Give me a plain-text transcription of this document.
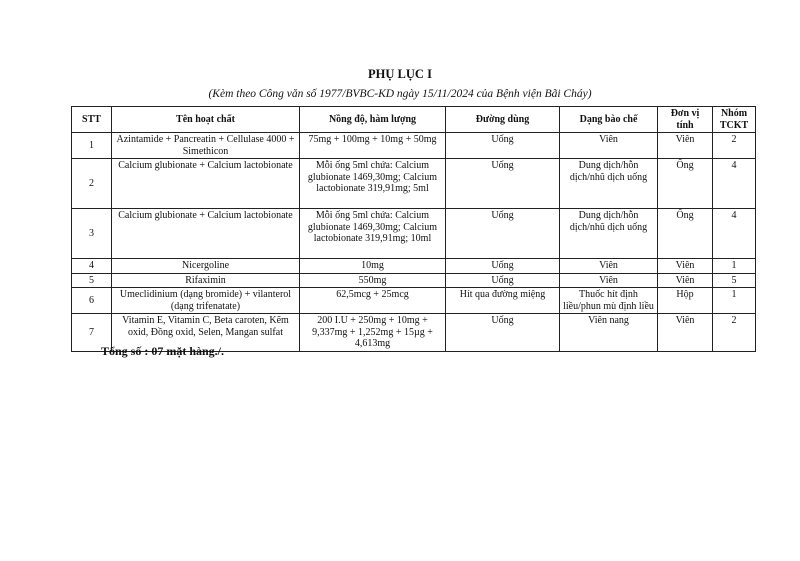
PHỤ LỤC I
(Kèm theo Công văn số 1977/BVBC-KD ngày 15/11/2024 của Bệnh viện Bãi Cháy)
STT	Tên hoạt chất	Nồng độ, hàm lượng	Đường dùng	Dạng bào chế	Đơn vị tính	Nhóm TCKT
1	Azintamide + Pancreatin + Cellulase 4000 + Simethicon	75mg + 100mg + 10mg + 50mg	Uống	Viên	Viên	2
2	Calcium glubionate + Calcium lactobionate	Mỗi ống 5ml chứa: Calcium glubionate 1469,30mg; Calcium lactobionate 319,91mg; 5ml	Uống	Dung dịch/hỗn dịch/nhũ dịch uống	Ống	4
3	Calcium glubionate + Calcium lactobionate	Mỗi ống 5ml chứa: Calcium glubionate 1469,30mg; Calcium lactobionate 319,91mg; 10ml	Uống	Dung dịch/hỗn dịch/nhũ dịch uống	Ống	4
4	Nicergoline	10mg	Uống	Viên	Viên	1
5	Rifaximin	550mg	Uống	Viên	Viên	5
6	Umeclidinium (dạng bromide) + vilanterol (dạng trifenatate)	62,5mcg + 25mcg	Hít qua đường miệng	Thuốc hít định liều/phun mù định liều	Hộp	1
7	Vitamin E, Vitamin C, Beta caroten, Kẽm oxid, Đồng oxid, Selen, Mangan sulfat	200 I.U + 250mg + 10mg + 9,337mg + 1,252mg + 15µg + 4,613mg	Uống	Viên nang	Viên	2
Tổng số : 07 mặt hàng./.
